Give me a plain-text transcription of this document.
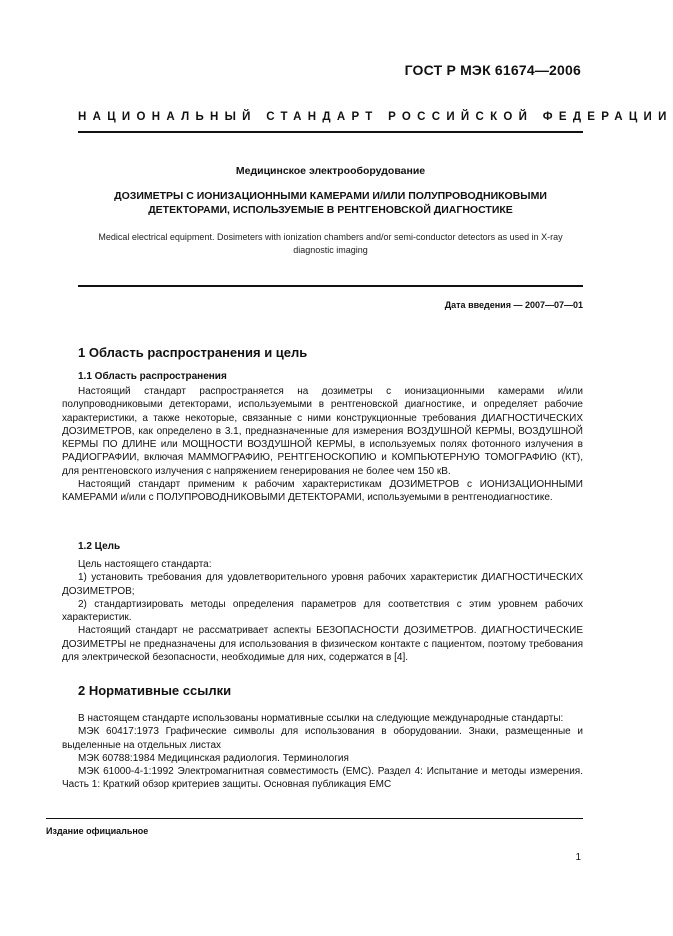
ГОСТ Р МЭК 61674—2006
НАЦИОНАЛЬНЫЙ СТАНДАРТ РОССИЙСКОЙ ФЕДЕРАЦИИ
Медицинское электрооборудование
ДОЗИМЕТРЫ С ИОНИЗАЦИОННЫМИ КАМЕРАМИ И/ИЛИ ПОЛУПРОВОДНИКОВЫМИ
ДЕТЕКТОРАМИ, ИСПОЛЬЗУЕМЫЕ В РЕНТГЕНОВСКОЙ ДИАГНОСТИКЕ
Medical electrical equipment. Dosimeters with ionization chambers and/or semi-conductor detectors as used in X-ray
diagnostic imaging
Дата введения — 2007—07—01
1 Область распространения и цель
1.1 Область распространения

Настоящий стандарт распространяется на дозиметры с ионизационными камерами и/или полупроводниковыми детекторами, используемыми в рентгеновской диагностике, и определяет рабочие характеристики, а также некоторые, связанные с ними конструкционные требования ДИАГНОСТИЧЕСКИХ ДОЗИМЕТРОВ, как определено в 3.1, предназначенные для измерения ВОЗДУШНОЙ КЕРМЫ, ВОЗДУШНОЙ КЕРМЫ ПО ДЛИНЕ или МОЩНОСТИ ВОЗДУШНОЙ КЕРМЫ, в используемых полях фотонного излучения в РАДИОГРАФИИ, включая МАММОГРАФИЮ, РЕНТГЕНОСКОПИЮ и КОМПЬЮТЕРНУЮ ТОМОГРАФИЮ (КТ), для рентгеновского излучения с напряжением генерирования не более чем 150 кВ.

Настоящий стандарт применим к рабочим характеристикам ДОЗИМЕТРОВ с ИОНИЗАЦИОННЫМИ КАМЕРАМИ и/или с ПОЛУПРОВОДНИКОВЫМИ ДЕТЕКТОРАМИ, используемыми в рентгенодиагностике.

1.2 Цель

Цель настоящего стандарта:

1) установить требования для удовлетворительного уровня рабочих характеристик ДИАГНОСТИЧЕСКИХ ДОЗИМЕТРОВ;

2) стандартизировать методы определения параметров для соответствия с этим уровнем рабочих характеристик.

Настоящий стандарт не рассматривает аспекты БЕЗОПАСНОСТИ ДОЗИМЕТРОВ. ДИАГНОСТИЧЕСКИЕ ДОЗИМЕТРЫ не предназначены для использования в физическом контакте с пациентом, поэтому требования для электрической безопасности, необходимые для них, содержатся в [4].

2 Нормативные ссылки

В настоящем стандарте использованы нормативные ссылки на следующие международные стандарты:

МЭК 60417:1973 Графические символы для использования в оборудовании. Знаки, размещенные и выделенные на отдельных листах

МЭК 60788:1984 Медицинская радиология. Терминология

МЭК 61000-4-1:1992 Электромагнитная совместимость (ЕМС). Раздел 4: Испытание и методы измерения. Часть 1: Краткий обзор критериев защиты. Основная публикация ЕМС

Издание официальное
1
